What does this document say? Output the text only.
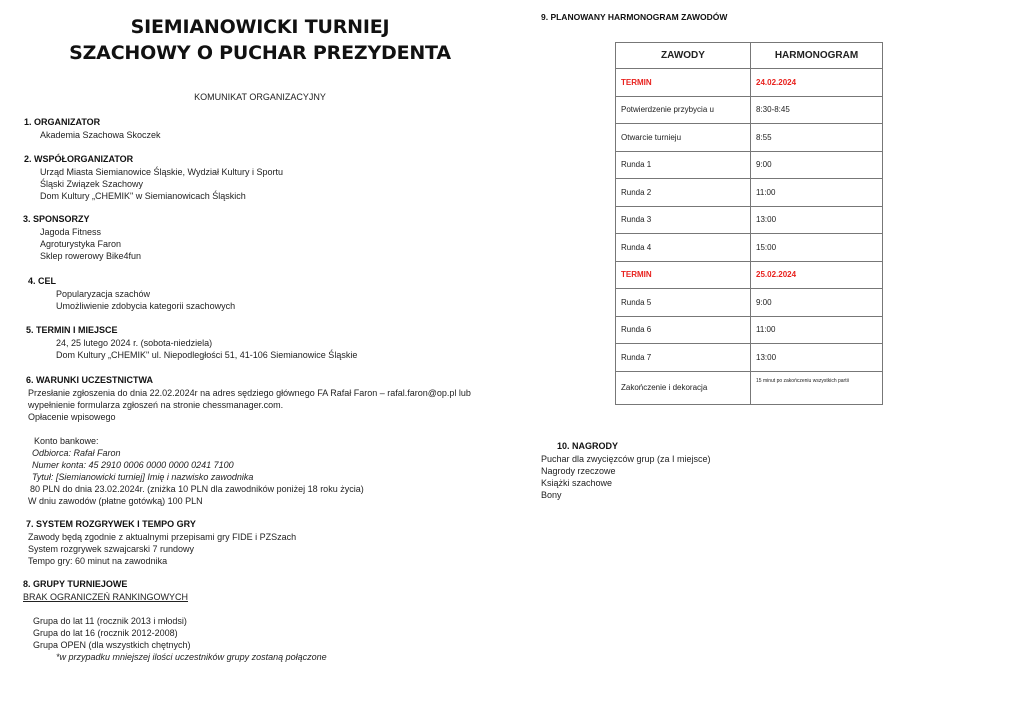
SIEMIANOWICKI TURNIEJ
SZACHOWY O PUCHAR PREZYDENTA
KOMUNIKAT ORGANIZACYJNY
1. ORGANIZATOR
Akademia Szachowa Skoczek
2. WSPÓŁORGANIZATOR
Urząd Miasta Siemianowice Śląskie, Wydział Kultury i Sportu
Śląski Związek Szachowy
Dom Kultury „CHEMIK" w Siemianowicach Śląskich
3. SPONSORZY
Jagoda Fitness
Agroturystyka Faron
Sklep rowerowy Bike4fun
4. CEL
Popularyzacja szachów
Umożliwienie zdobycia kategorii szachowych
5. TERMIN I MIEJSCE
24, 25 lutego 2024 r. (sobota-niedziela)
Dom Kultury „CHEMIK" ul. Niepodległości 51, 41-106 Siemianowice Śląskie
6. WARUNKI UCZESTNICTWA
Przesłanie zgłoszenia do dnia 22.02.2024r na adres sędziego głównego FA Rafał Faron – rafal.faron@op.pl lub
wypełnienie formularza zgłoszeń na stronie chessmanager.com.
Opłacenie wpisowego
Konto bankowe:
Odbiorca: Rafał Faron
Numer konta: 45 2910 0006 0000 0000 0241 7100
Tytuł: [Siemianowicki turniej] Imię i nazwisko zawodnika
80 PLN do dnia 23.02.2024r. (zniżka 10 PLN dla zawodników poniżej 18 roku życia)
W dniu zawodów (płatne gotówką) 100 PLN
7. SYSTEM ROZGRYWEK I TEMPO GRY
Zawody będą zgodnie z aktualnymi przepisami gry FIDE i PZSzach
System rozgrywek szwajcarski 7 rundowy
Tempo gry: 60 minut na zawodnika
8. GRUPY TURNIEJOWE
BRAK OGRANICZEŃ RANKINGOWYCH
Grupa do lat 11 (rocznik 2013 i młodsi)
Grupa do lat 16 (rocznik 2012-2008)
Grupa OPEN (dla wszystkich chętnych)
*w przypadku mniejszej ilości uczestników grupy zostaną połączone
9. PLANOWANY HARMONOGRAM ZAWODÓW
ZAWODY	HARMONOGRAM
TERMIN	24.02.2024
Potwierdzenie przybycia u	8:30-8:45
Otwarcie turnieju	8:55
Runda 1	9:00
Runda 2	11:00
Runda 3	13:00
Runda 4	15:00
TERMIN	25.02.2024
Runda 5	9:00
Runda 6	11:00
Runda 7	13:00
Zakończenie i dekoracja	15 minut po zakończeniu wszystkich partii
10. NAGRODY
Puchar dla zwycięzców grup (za I miejsce)
Nagrody rzeczowe
Książki szachowe
Bony
